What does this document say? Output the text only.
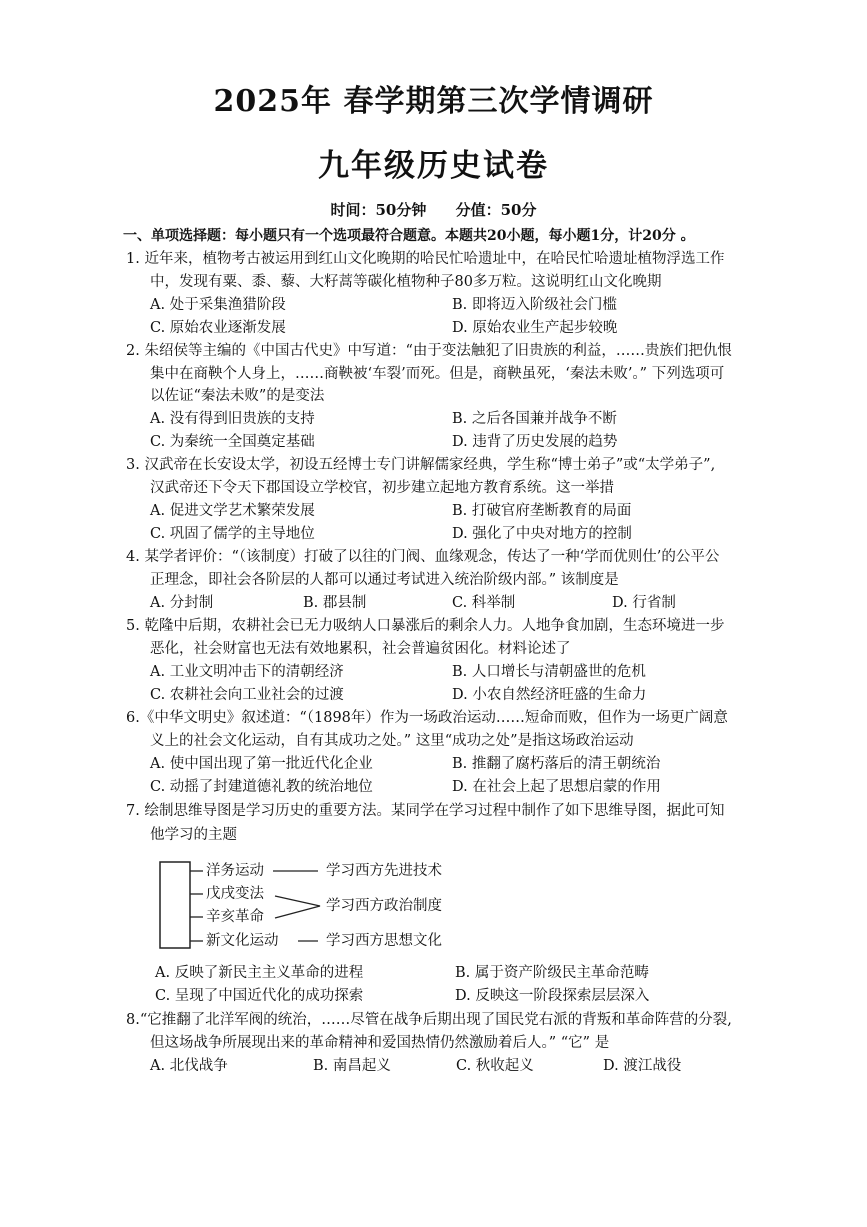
2025年 春学期第三次学情调研
九年级历史试卷
时间：50分钟 分值：50分
一、单项选择题：每小题只有一个选项最符合题意。本题共20小题，每小题1分，计20分 。
1. 近年来，植物考古被运用到红山文化晚期的哈民忙哈遗址中，在哈民忙哈遗址植物浮选工作
中，发现有粟、黍、藜、大籽蒿等碳化植物种子80多万粒。这说明红山文化晚期
A. 处于采集渔猎阶段	B. 即将迈入阶级社会门槛
C. 原始农业逐渐发展	D. 原始农业生产起步较晚
2. 朱绍侯等主编的《中国古代史》中写道：“由于变法触犯了旧贵族的利益，……贵族们把仇恨
集中在商鞅个人身上，……商鞅被‘车裂’而死。但是，商鞅虽死，‘秦法未败’。” 下列选项可
以佐证“秦法未败”的是变法
A. 没有得到旧贵族的支持	B. 之后各国兼并战争不断
C. 为秦统一全国奠定基础	D. 违背了历史发展的趋势
3. 汉武帝在长安设太学，初设五经博士专门讲解儒家经典，学生称“博士弟子”或“太学弟子”,
汉武帝还下令天下郡国设立学校官，初步建立起地方教育系统。这一举措
A. 促进文学艺术繁荣发展	B. 打破官府垄断教育的局面
C. 巩固了儒学的主导地位	D. 强化了中央对地方的控制
4. 某学者评价：“（该制度）打破了以往的门阀、血缘观念，传达了一种‘学而优则仕’的公平公
正理念，即社会各阶层的人都可以通过考试进入统治阶级内部。” 该制度是
A. 分封制	B. 郡县制	C. 科举制	D. 行省制
5. 乾隆中后期，农耕社会已无力吸纳人口暴涨后的剩余人力。人地争食加剧，生态环境进一步
恶化，社会财富也无法有效地累积，社会普遍贫困化。材料论述了
A. 工业文明冲击下的清朝经济	B. 人口增长与清朝盛世的危机
C. 农耕社会向工业社会的过渡	D. 小农自然经济旺盛的生命力
6.《中华文明史》叙述道：“（1898年）作为一场政治运动……短命而败，但作为一场更广阔意
义上的社会文化运动，自有其成功之处。” 这里“成功之处”是指这场政治运动
A. 使中国出现了第一批近代化企业	B. 推翻了腐朽落后的清王朝统治
C. 动摇了封建道德礼教的统治地位	D. 在社会上起了思想启蒙的作用
7. 绘制思维导图是学习历史的重要方法。某同学在学习过程中制作了如下思维导图，据此可知
他学习的主题
洋务运动
戊戌变法
辛亥革命
新文化运动
学习西方先进技术
学习西方政治制度
学习西方思想文化
A. 反映了新民主主义革命的进程	B. 属于资产阶级民主革命范畴
C. 呈现了中国近代化的成功探索	D. 反映这一阶段探索层层深入
8.“它推翻了北洋军阀的统治，……尽管在战争后期出现了国民党右派的背叛和革命阵营的分裂,
但这场战争所展现出来的革命精神和爱国热情仍然激励着后人。” “它” 是
A. 北伐战争	B. 南昌起义	C. 秋收起义	D. 渡江战役
